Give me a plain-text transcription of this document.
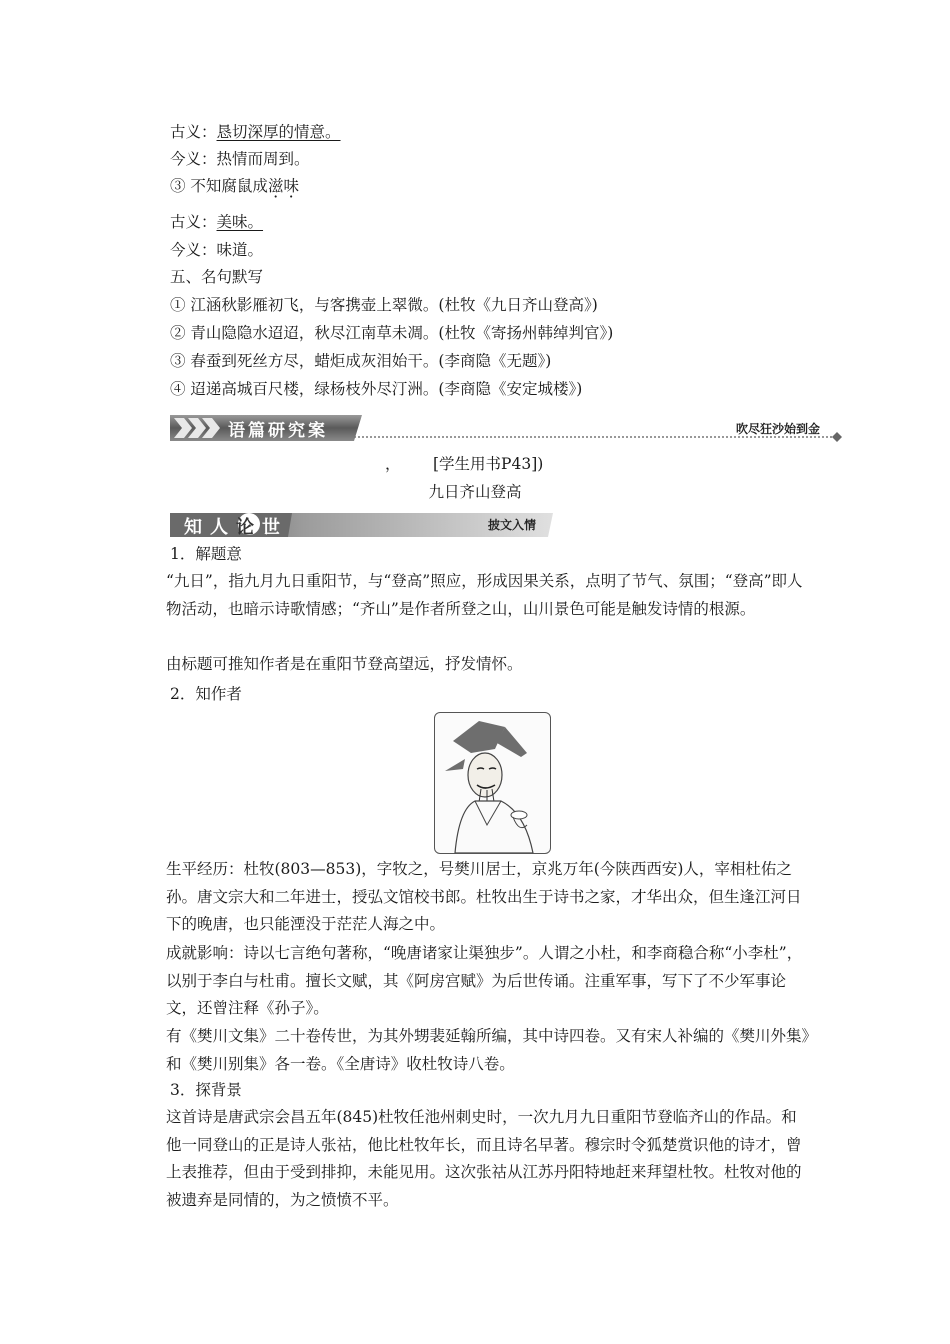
古义：恳切深厚的情意。
今义：热情而周到。
③ 不知腐鼠成滋味
古义：美味。
今义：味道。
五、名句默写
① 江涵秋影雁初飞，与客携壶上翠微。(杜牧《九日齐山登高》)
② 青山隐隐水迢迢，秋尽江南草未凋。(杜牧《寄扬州韩绰判官》)
③ 春蚕到死丝方尽，蜡炬成灰泪始干。(李商隐《无题》)
④ 迢递高城百尺楼，绿杨枝外尽汀洲。(李商隐《安定城楼》)
语篇研究案	吹尽狂沙始到金
， [学生用书P43])
九日齐山登高
知人论世	披文入情
1．解题意
“九日”，指九月九日重阳节，与“登高”照应，形成因果关系，点明了节气、氛围；“登高”即人物活动，也暗示诗歌情感；“齐山”是作者所登之山，山川景色可能是触发诗情的根源。
由标题可推知作者是在重阳节登高望远，抒发情怀。
2．知作者
生平经历：杜牧(803—853)，字牧之，号樊川居士，京兆万年(今陕西西安)人，宰相杜佑之孙。唐文宗大和二年进士，授弘文馆校书郎。杜牧出生于诗书之家，才华出众，但生逢江河日下的晚唐，也只能湮没于茫茫人海之中。
成就影响：诗以七言绝句著称，“晚唐诸家让渠独步”。人谓之小杜，和李商稳合称“小李杜”，以别于李白与杜甫。擅长文赋，其《阿房宫赋》为后世传诵。注重军事，写下了不少军事论文，还曾注释《孙子》。
有《樊川文集》二十卷传世，为其外甥裴延翰所编，其中诗四卷。又有宋人补编的《樊川外集》和《樊川别集》各一卷。《全唐诗》收杜牧诗八卷。
3．探背景
这首诗是唐武宗会昌五年(845)杜牧任池州刺史时，一次九月九日重阳节登临齐山的作品。和他一同登山的正是诗人张祜，他比杜牧年长，而且诗名早著。穆宗时令狐楚赏识他的诗才，曾上表推荐，但由于受到排抑，未能见用。这次张祜从江苏丹阳特地赶来拜望杜牧。杜牧对他的被遗弃是同情的，为之愤愤不平。
